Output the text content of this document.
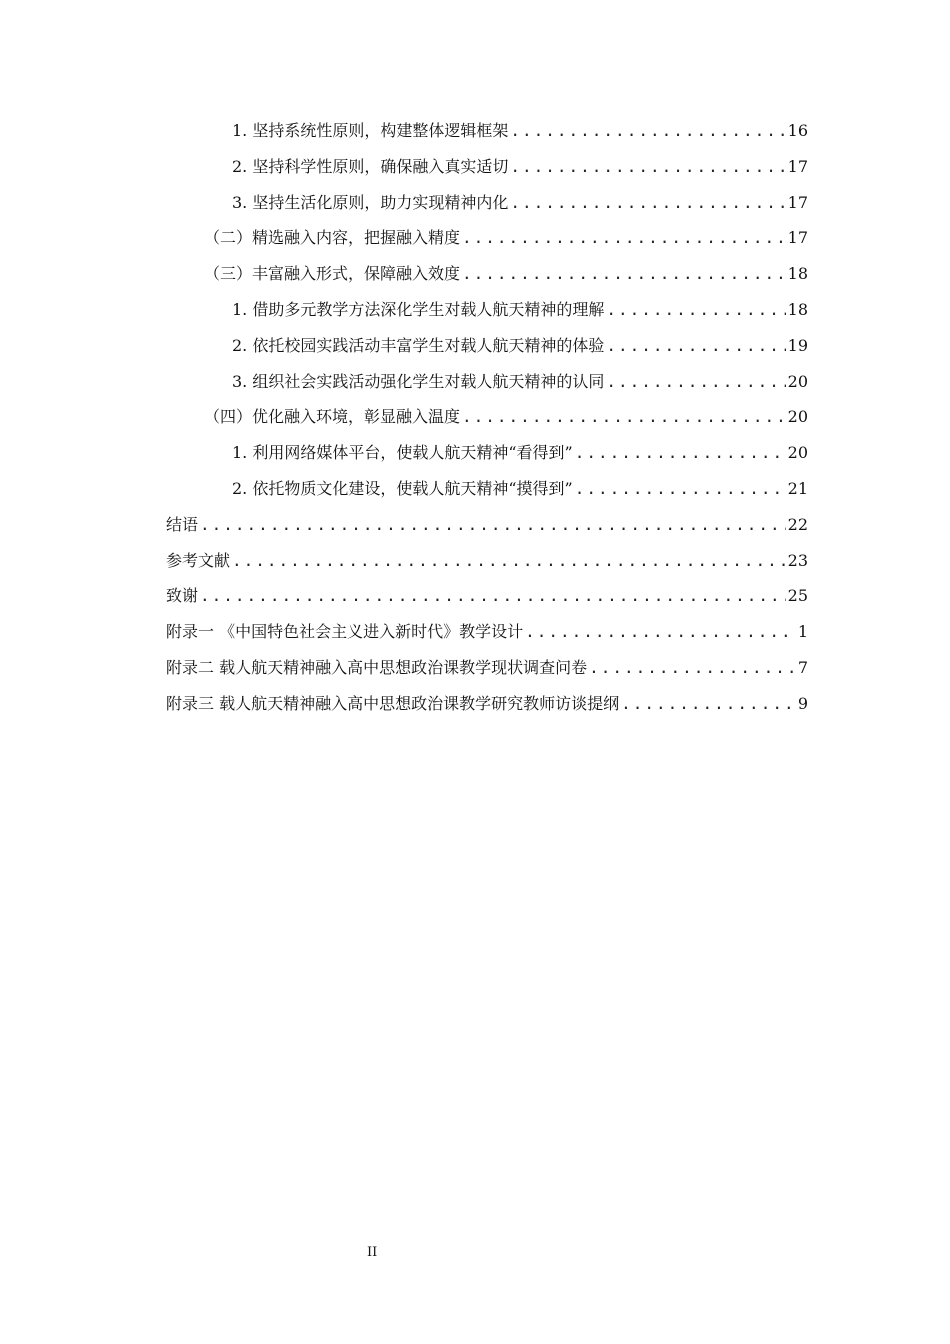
1. 坚持系统性原则，构建整体逻辑框架 .....	16
2. 坚持科学性原则，确保融入真实适切 .....	17
3. 坚持生活化原则，助力实现精神内化 .....	17
（二）精选融入内容，把握融入精度 .....	17
（三）丰富融入形式，保障融入效度 .....	18
1. 借助多元教学方法深化学生对载人航天精神的理解 .....	18
2. 依托校园实践活动丰富学生对载人航天精神的体验 .....	19
3. 组织社会实践活动强化学生对载人航天精神的认同 .....	20
（四）优化融入环境，彰显融入温度 .....	20
1. 利用网络媒体平台，使载人航天精神“看得到” .....	20
2. 依托物质文化建设，使载人航天精神“摸得到” .....	21
结语 .....	22
参考文献 .....	23
致谢 .....	25
附录一 《中国特色社会主义进入新时代》教学设计 .....	1
附录二 载人航天精神融入高中思想政治课教学现状调查问卷 .....	7
附录三 载人航天精神融入高中思想政治课教学研究教师访谈提纲 .....	9
II
